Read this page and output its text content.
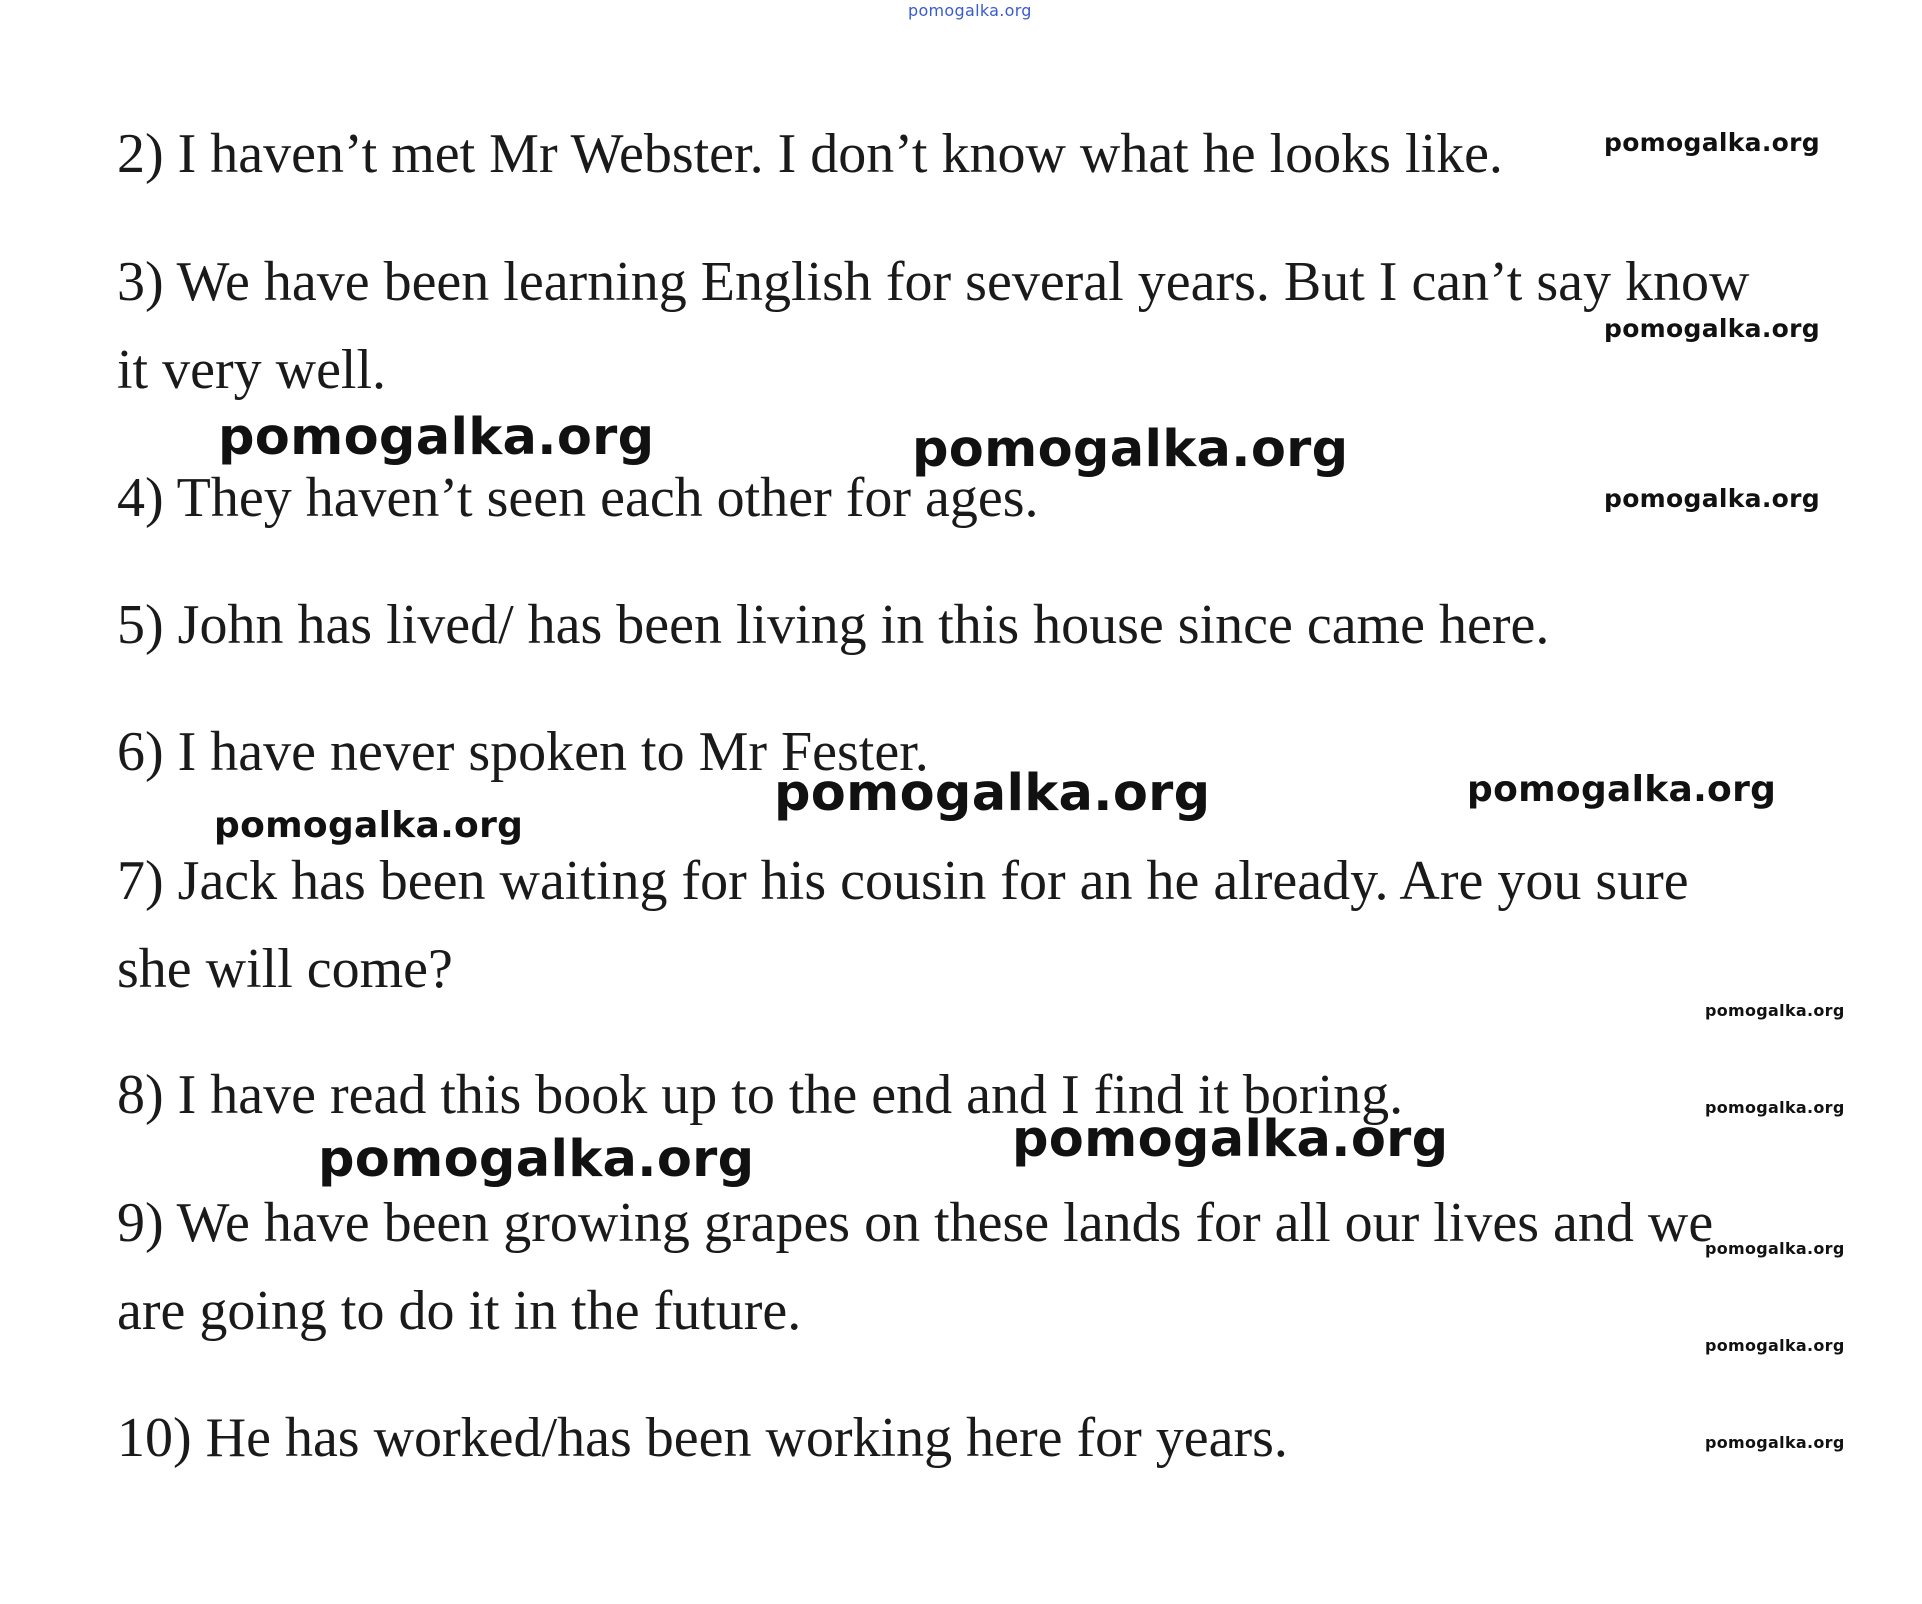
pomogalka.org
2) I haven’t met Mr Webster. I don’t know what he looks like.
3) We have been learning English for several years. But I can’t say know
it very well.
4) They haven’t seen each other for ages.
5) John has lived/ has been living in this house since came here.
6) I have never spoken to Mr Fester.
7) Jack has been waiting for his cousin for an he already. Are you sure
she will come?
8) I have read this book up to the end and I find it boring.
9) We have been growing grapes on these lands for all our lives and we
are going to do it in the future.
10) He has worked/has been working here for years.
pomogalka.org
pomogalka.org
pomogalka.org
pomogalka.org	pomogalka.org
pomogalka.org
pomogalka.org
pomogalka.org
pomogalka.org
pomogalka.org
pomogalka.org	pomogalka.org
pomogalka.org
pomogalka.org
pomogalka.org
